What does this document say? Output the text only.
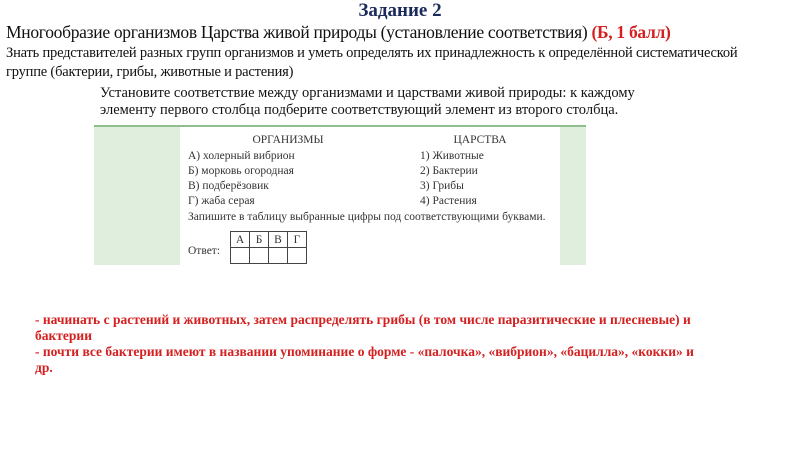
Задание 2
Многообразие организмов Царства живой природы (установление соответствия) (Б, 1 балл)
Знать представителей разных групп организмов и уметь определять их принадлежность к определённой систематической группе (бактерии, грибы, животные и растения)
Установите соответствие между организмами и царствами живой природы: к каждому элементу первого столбца подберите соответствующий элемент из второго столбца.
ОРГАНИЗМЫ
А) холерный вибрион
Б) морковь огородная
В) подберёзовик
Г) жаба серая
ЦАРСТВА
1) Животные
2) Бактерии
3) Грибы
4) Растения
Запишите в таблицу выбранные цифры под соответствующими буквами.
Ответ:
А	Б	В	Г

- начинать с растений и животных, затем распределять грибы (в том числе паразитические и плесневые) и бактерии
- почти все бактерии имеют в названии упоминание о форме - «палочка», «вибрион», «бацилла», «кокки» и др.
